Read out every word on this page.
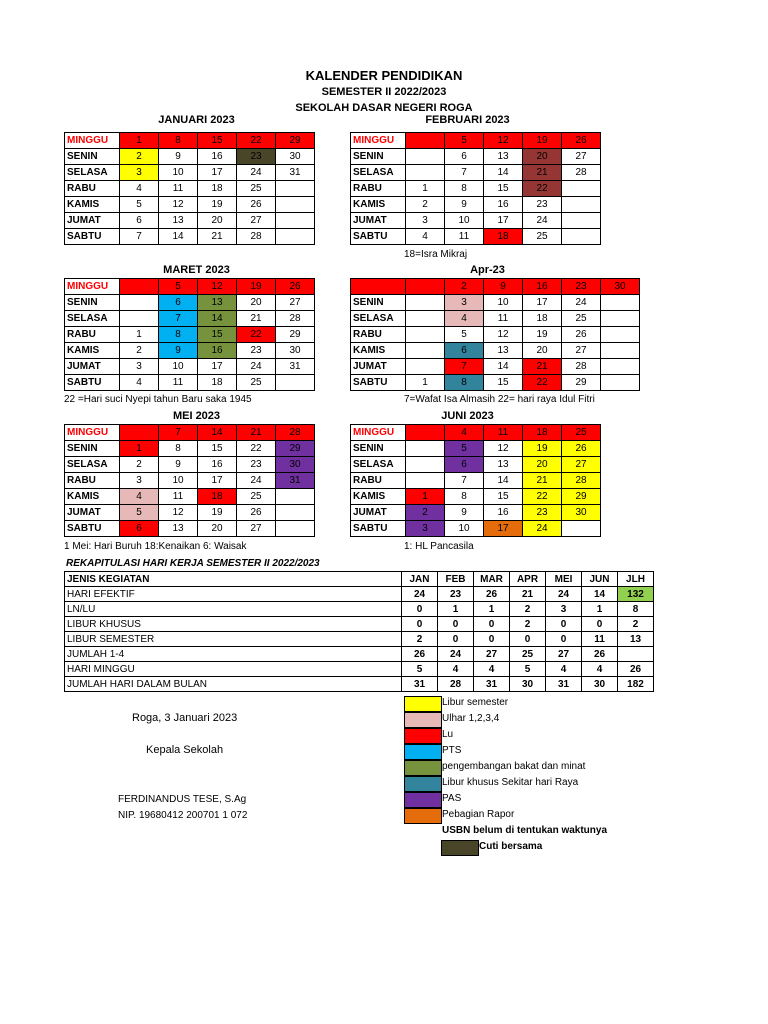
KALENDER PENDIDIKAN
SEMESTER II 2022/2023
SEKOLAH DASAR NEGERI ROGA
JANUARI 2023
MINGGU	1	8	15	22	29
SENIN	2	9	16	23	30
SELASA	3	10	17	24	31
RABU	4	11	18	25	
KAMIS	5	12	19	26	
JUMAT	6	13	20	27	
SABTU	7	14	21	28	
FEBRUARI 2023
MINGGU		5	12	19	26
SENIN		6	13	20	27
SELASA		7	14	21	28
RABU	1	8	15	22	
KAMIS	2	9	16	23	
JUMAT	3	10	17	24	
SABTU	4	11	18	25	
18=Isra Mikraj
MARET 2023
MINGGU		5	12	19	26
SENIN		6	13	20	27
SELASA		7	14	21	28
RABU	1	8	15	22	29
KAMIS	2	9	16	23	30
JUMAT	3	10	17	24	31
SABTU	4	11	18	25	
22 =Hari suci Nyepi tahun Baru saka 1945
Apr-23
		2	9	16	23	30
SENIN		3	10	17	24	
SELASA		4	11	18	25	
RABU		5	12	19	26	
KAMIS		6	13	20	27	
JUMAT		7	14	21	28	
SABTU	1	8	15	22	29	
7=Wafat Isa Almasih 22= hari raya Idul Fitri
MEI 2023
MINGGU		7	14	21	28
SENIN	1	8	15	22	29
SELASA	2	9	16	23	30
RABU	3	10	17	24	31
KAMIS	4	11	18	25	
JUMAT	5	12	19	26	
SABTU	6	13	20	27	
1 Mei: Hari Buruh 18:Kenaikan 6: Waisak
JUNI 2023
MINGGU		4	11	18	25
SENIN		5	12	19	26
SELASA		6	13	20	27
RABU		7	14	21	28
KAMIS	1	8	15	22	29
JUMAT	2	9	16	23	30
SABTU	3	10	17	24	
1: HL Pancasila
REKAPITULASI HARI KERJA SEMESTER II 2022/2023
JENIS KEGIATAN	JAN	FEB	MAR	APR	MEI	JUN	JLH
HARI EFEKTIF	24	23	26	21	24	14	132
LN/LU	0	1	1	2	3	1	8
LIBUR KHUSUS	0	0	0	2	0	0	2
LIBUR SEMESTER	2	0	0	0	0	11	13
JUMLAH 1-4	26	24	27	25	27	26	
HARI MINGGU	5	4	4	5	4	4	26
JUMLAH HARI DALAM BULAN	31	28	31	30	31	30	182
Roga, 3 Januari 2023
Kepala Sekolah
FERDINANDUS TESE, S.Ag
NIP. 19680412 200701 1 072
Libur semester
Ulhar 1,2,3,4
Lu
PTS
pengembangan bakat dan minat
Libur khusus Sekitar hari Raya
PAS
Pebagian Rapor
USBN belum di tentukan waktunya
Cuti bersama
